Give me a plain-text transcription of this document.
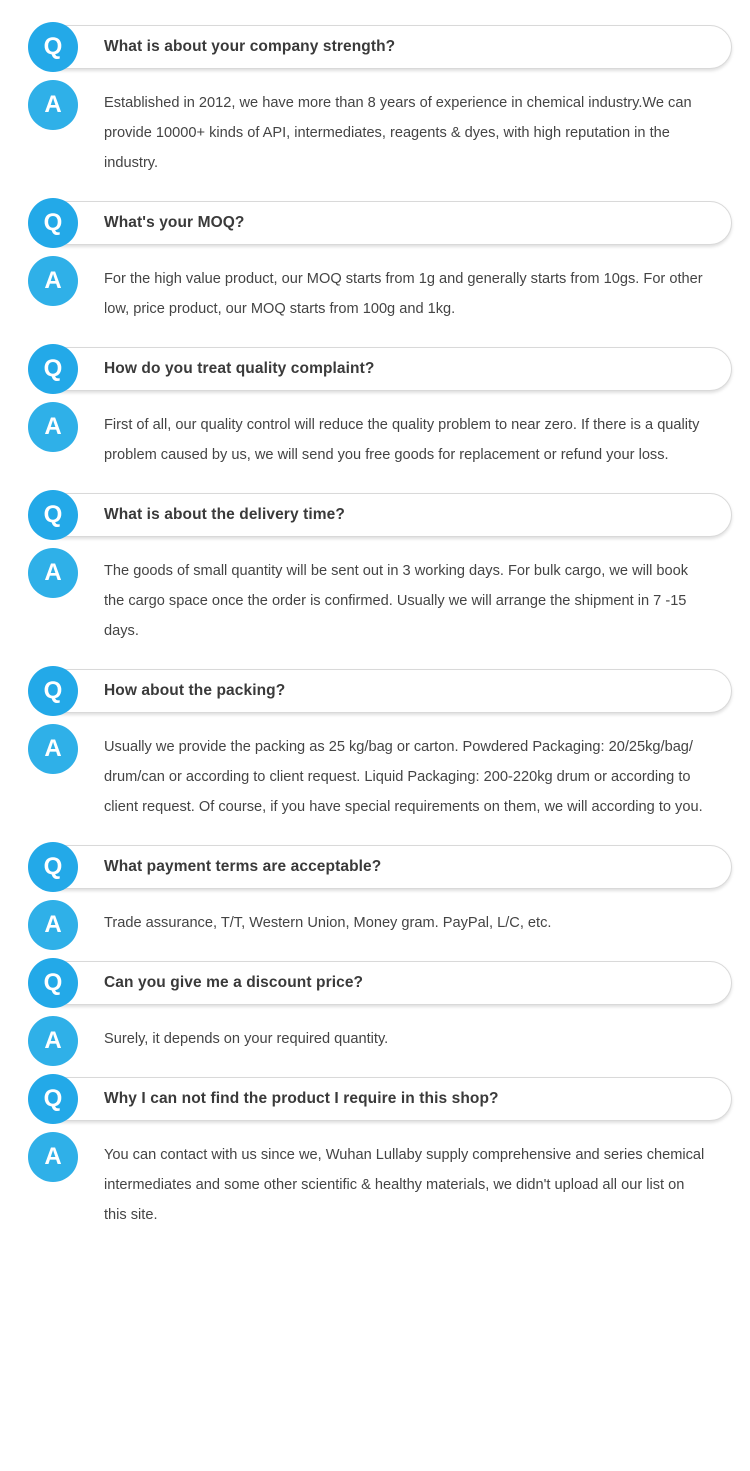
Q	What is about your company strength?
A	Established in 2012, we have more than 8 years of experience in chemical industry.We can provide 10000+ kinds of API, intermediates, reagents & dyes, with high reputation in the industry.
Q	What's your MOQ?
A	For the high value product, our MOQ starts from 1g and generally starts from 10gs. For other low, price product, our MOQ starts from 100g and 1kg.
Q	How do you treat quality complaint?
A	First of all, our quality control will reduce the quality problem to near zero. If there is a quality problem caused by us, we will send you free goods for replacement or refund your loss.
Q	What is about the delivery time?
A	The goods of small quantity will be sent out in 3 working days. For bulk cargo, we will book the cargo space once the order is confirmed. Usually we will arrange the shipment in 7 -15 days.
Q	How about the packing?
A	Usually we provide the packing as 25 kg/bag or carton. Powdered Packaging: 20/25kg/bag/ drum/can or according to client request. Liquid Packaging: 200-220kg drum or according to client request. Of course, if you have special requirements on them, we will according to you.
Q	What payment terms are acceptable?
A	Trade assurance, T/T, Western Union, Money gram. PayPal, L/C, etc.
Q	Can you give me a discount price?
A	Surely, it depends on your required quantity.
Q	Why I can not find the product I require in this shop?
A	You can contact with us since we, Wuhan Lullaby supply comprehensive and series chemical intermediates and some other scientific & healthy materials, we didn't upload all our list on this site.
